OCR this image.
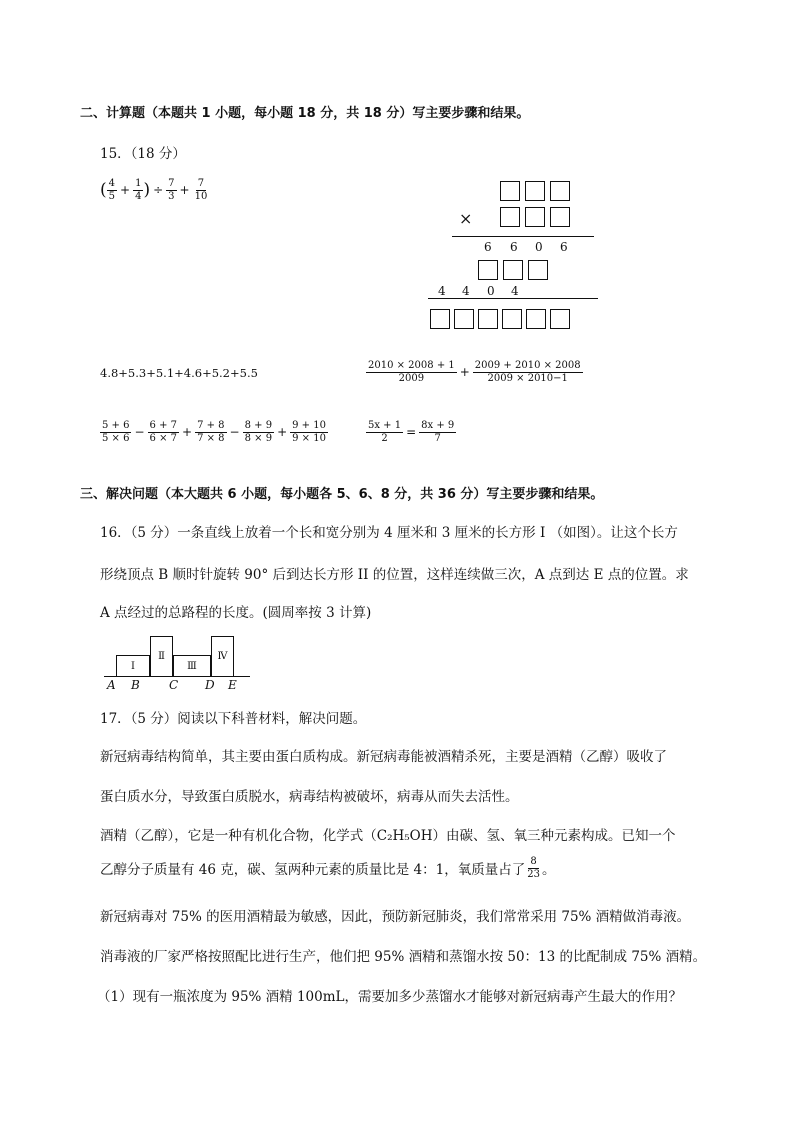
二、计算题（本题共 1 小题，每小题 18 分，共 18 分）写主要步骤和结果。
15．（18 分）
( $\frac{4}{5} + \frac{1}{4}$ ) ÷ $\frac{7}{3} + \frac{7}{10}$
×
6 6 0 6
4 4 0 4
4.8+5.3+5.1+4.6+5.2+5.5	$\frac{2010 \times 2008 + 1}{2009} + \frac{2009 + 2010 \times 2008}{2009 \times 2010-1}$
$\frac{5 + 6}{5 \times 6} - \frac{6 + 7}{6 \times 7} + \frac{7 + 8}{7 \times 8} - \frac{8 + 9}{8 \times 9} + \frac{9 + 10}{9 \times 10}$	$\frac{5x + 1}{2} = \frac{8x + 9}{7}$
三、解决问题（本大题共 6 小题，每小题各 5、6、8 分，共 36 分）写主要步骤和结果。
16．（5 分）一条直线上放着一个长和宽分别为 4 厘米和 3 厘米的长方形 I （如图）。让这个长方
形绕顶点 B 顺时针旋转 90° 后到达长方形 II 的位置，这样连续做三次，A 点到达 E 点的位置。求
A 点经过的总路程的长度。(圆周率按 3 计算)
Ⅰ
Ⅱ
Ⅲ
Ⅳ
A B C D E
17．（5 分）阅读以下科普材料，解决问题。
新冠病毒结构简单，其主要由蛋白质构成。新冠病毒能被酒精杀死，主要是酒精（乙醇）吸收了
蛋白质水分，导致蛋白质脱水，病毒结构被破坏，病毒从而失去活性。
酒精（乙醇），它是一种有机化合物，化学式（C₂H₅OH）由碳、氢、氧三种元素构成。已知一个
乙醇分子质量有 46 克，碳、氢两种元素的质量比是 4：1，氧质量占了 $\frac{8}{23}$ 。
新冠病毒对 75% 的医用酒精最为敏感，因此，预防新冠肺炎，我们常常采用 75% 酒精做消毒液。
消毒液的厂家严格按照配比进行生产，他们把 95% 酒精和蒸馏水按 50：13 的比配制成 75% 酒精。
（1）现有一瓶浓度为 95% 酒精 100mL，需要加多少蒸馏水才能够对新冠病毒产生最大的作用？
